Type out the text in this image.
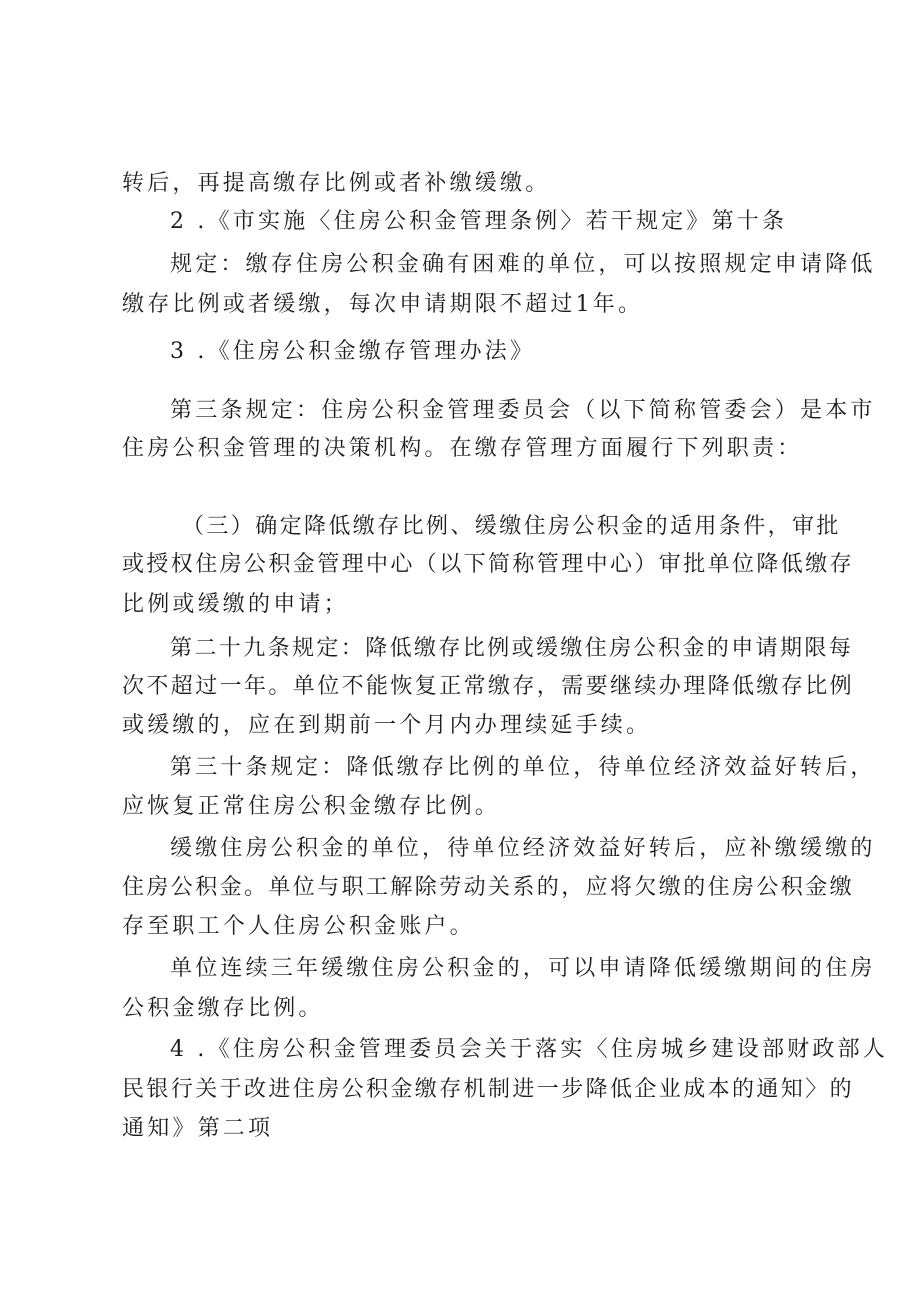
转后，再提高缴存比例或者补缴缓缴。
2 .《市实施〈住房公积金管理条例〉若干规定》第十条
规定：缴存住房公积金确有困难的单位，可以按照规定申请降低
缴存比例或者缓缴，每次申请期限不超过1年。
3 .《住房公积金缴存管理办法》
第三条规定：住房公积金管理委员会（以下简称管委会）是本市
住房公积金管理的决策机构。在缴存管理方面履行下列职责：
（三）确定降低缴存比例、缓缴住房公积金的适用条件，审批
或授权住房公积金管理中心（以下简称管理中心）审批单位降低缴存
比例或缓缴的申请；
第二十九条规定：降低缴存比例或缓缴住房公积金的申请期限每
次不超过一年。单位不能恢复正常缴存，需要继续办理降低缴存比例
或缓缴的，应在到期前一个月内办理续延手续。
第三十条规定：降低缴存比例的单位，待单位经济效益好转后，
应恢复正常住房公积金缴存比例。
缓缴住房公积金的单位，待单位经济效益好转后，应补缴缓缴的
住房公积金。单位与职工解除劳动关系的，应将欠缴的住房公积金缴
存至职工个人住房公积金账户。
单位连续三年缓缴住房公积金的，可以申请降低缓缴期间的住房
公积金缴存比例。
4 .《住房公积金管理委员会关于落实〈住房城乡建设部财政部人
民银行关于改进住房公积金缴存机制进一步降低企业成本的通知〉的
通知》第二项
